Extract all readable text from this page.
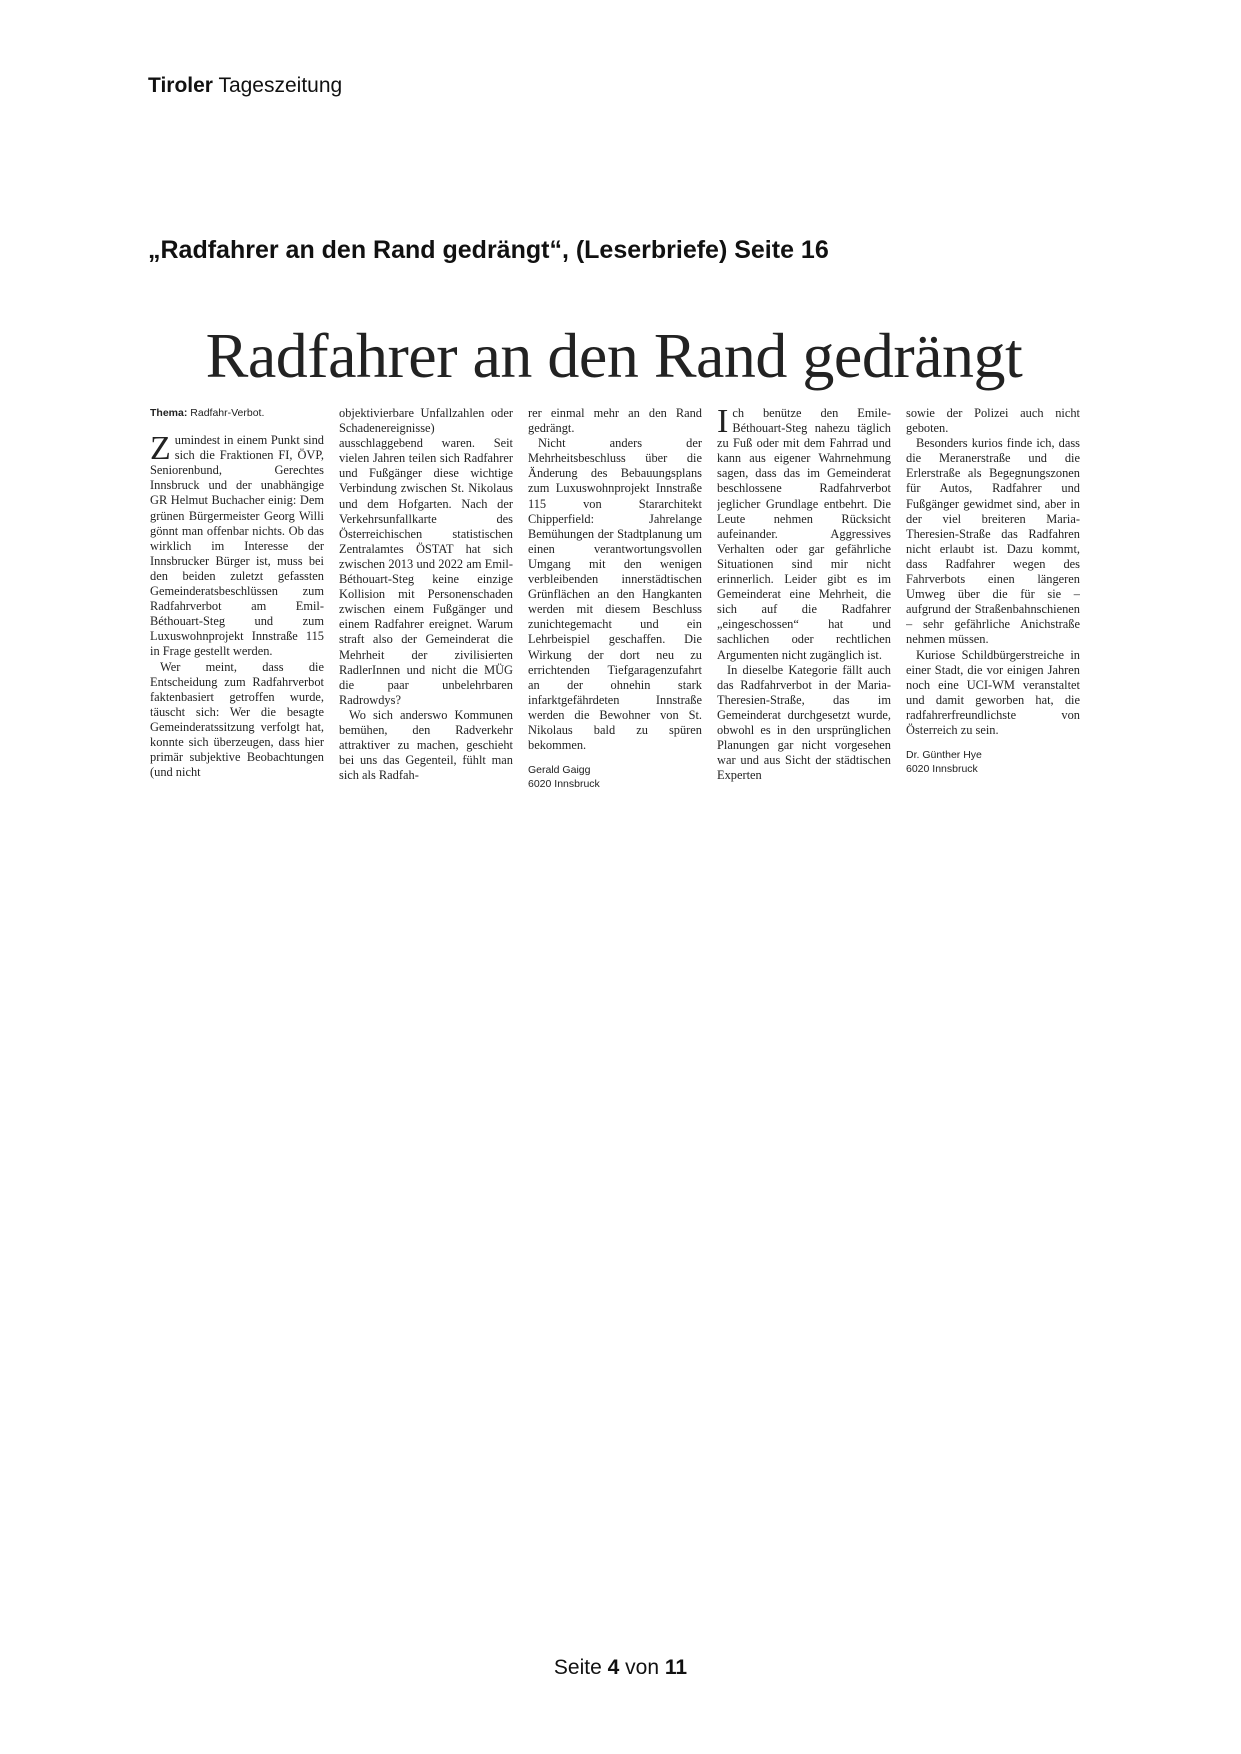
Tiroler Tageszeitung
„Radfahrer an den Rand gedrängt“, (Leserbriefe) Seite 16
Radfahrer an den Rand gedrängt

Thema: Radfahr-Verbot.

Zumindest in einem Punkt sind sich die Fraktionen FI, ÖVP, Seniorenbund, Gerechtes Innsbruck und der unabhängige GR Helmut Buchacher einig: Dem grünen Bürgermeister Georg Willi gönnt man offenbar nichts. Ob das wirklich im Interesse der Innsbrucker Bürger ist, muss bei den beiden zuletzt gefassten Gemeinderatsbeschlüssen zum Radfahrverbot am Emil-Béthouart-Steg und zum Luxuswohnprojekt Innstraße 115 in Frage gestellt werden.

Wer meint, dass die Entscheidung zum Radfahrverbot faktenbasiert getroffen wurde, täuscht sich: Wer die besagte Gemeinderatssitzung verfolgt hat, konnte sich überzeugen, dass hier primär subjektive Beobachtungen (und nicht

objektivierbare Unfallzahlen oder Schadenereignisse) ausschlaggebend waren. Seit vielen Jahren teilen sich Radfahrer und Fußgänger diese wichtige Verbindung zwischen St. Nikolaus und dem Hofgarten. Nach der Verkehrsunfallkarte des Österreichischen statistischen Zentralamtes ÖSTAT hat sich zwischen 2013 und 2022 am Emil-Béthouart-Steg keine einzige Kollision mit Personenschaden zwischen einem Fußgänger und einem Radfahrer ereignet. Warum straft also der Gemeinderat die Mehrheit der zivilisierten RadlerInnen und nicht die MÜG die paar unbelehrbaren Radrowdys?

Wo sich anderswo Kommunen bemühen, den Radverkehr attraktiver zu machen, geschieht bei uns das Gegenteil, fühlt man sich als Radfah-

rer einmal mehr an den Rand gedrängt.

Nicht anders der Mehrheitsbeschluss über die Änderung des Bebauungsplans zum Luxuswohnprojekt Innstraße 115 von Stararchitekt Chipperfield: Jahrelange Bemühungen der Stadtplanung um einen verantwortungsvollen Umgang mit den wenigen verbleibenden innerstädtischen Grünflächen an den Hangkanten werden mit diesem Beschluss zunichtegemacht und ein Lehrbeispiel geschaffen. Die Wirkung der dort neu zu errichtenden Tiefgaragenzufahrt an der ohnehin stark infarktgefährdeten Innstraße werden die Bewohner von St. Nikolaus bald zu spüren bekommen.

Gerald Gaigg
6020 Innsbruck

Ich benütze den Emile-Béthouart-Steg nahezu täglich zu Fuß oder mit dem Fahrrad und kann aus eigener Wahrnehmung sagen, dass das im Gemeinderat beschlossene Radfahrverbot jeglicher Grundlage entbehrt. Die Leute nehmen Rücksicht aufeinander. Aggressives Verhalten oder gar gefährliche Situationen sind mir nicht erinnerlich. Leider gibt es im Gemeinderat eine Mehrheit, die sich auf die Radfahrer „eingeschossen“ hat und sachlichen oder rechtlichen Argumenten nicht zugänglich ist.

In dieselbe Kategorie fällt auch das Radfahrverbot in der Maria-Theresien-Straße, das im Gemeinderat durchgesetzt wurde, obwohl es in den ursprünglichen Planungen gar nicht vorgesehen war und aus Sicht der städtischen Experten

sowie der Polizei auch nicht geboten.

Besonders kurios finde ich, dass die Meranerstraße und die Erlerstraße als Begegnungszonen für Autos, Radfahrer und Fußgänger gewidmet sind, aber in der viel breiteren Maria-Theresien-Straße das Radfahren nicht erlaubt ist. Dazu kommt, dass Radfahrer wegen des Fahrverbots einen längeren Umweg über die für sie – aufgrund der Straßenbahnschienen – sehr gefährliche Anichstraße nehmen müssen.

Kuriose Schildbürgerstreiche in einer Stadt, die vor einigen Jahren noch eine UCI-WM veranstaltet und damit geworben hat, die radfahrerfreundlichste von Österreich zu sein.

Dr. Günther Hye
6020 Innsbruck
Seite 4 von 11
